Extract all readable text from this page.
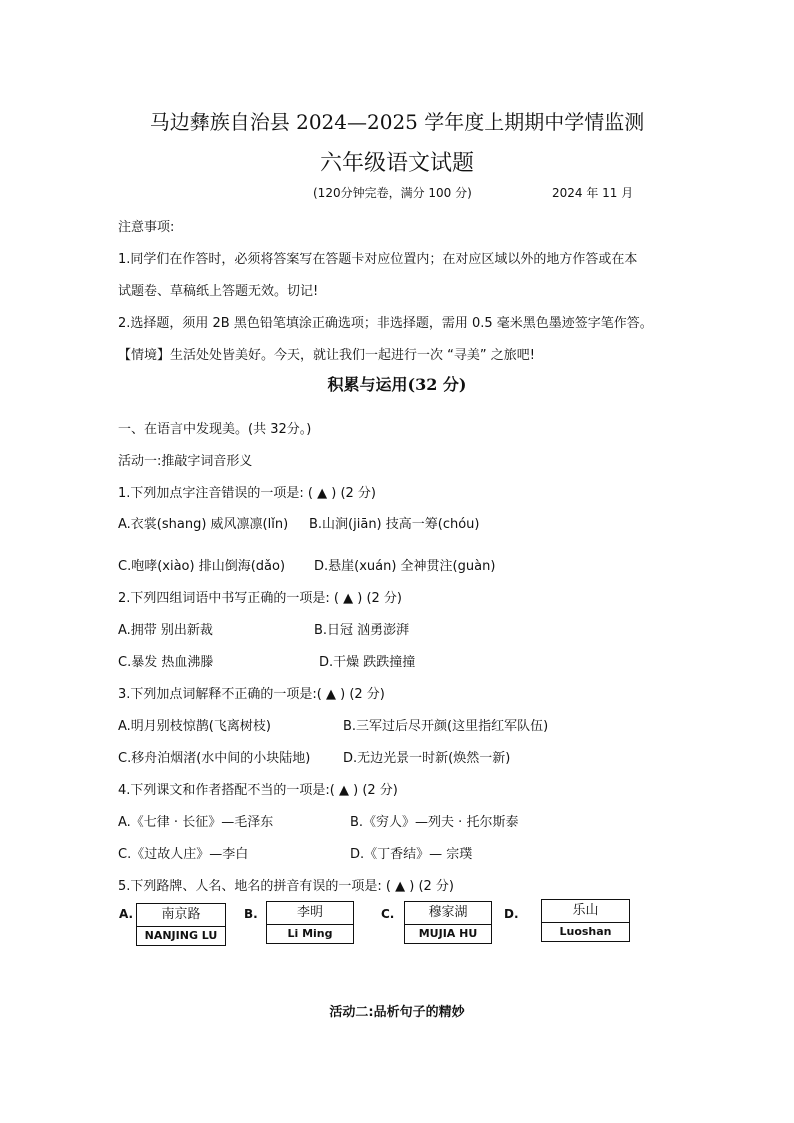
马边彝族自治县 2024—2025 学年度上期期中学情监测
六年级语文试题
(120分钟完卷，满分 100 分)	2024 年 11 月
注意事项:
1.同学们在作答时，必须将答案写在答题卡对应位置内；在对应区域以外的地方作答或在本
试题卷、草稿纸上答题无效。切记!
2.选择题，须用 2B 黑色铅笔填涂正确选项；非选择题，需用 0.5 毫米黑色墨迹签字笔作答。
【情境】生活处处皆美好。今天，就让我们一起进行一次 “寻美” 之旅吧!
积累与运用(32 分)
一、在语言中发现美。(共 32分。)
活动一:推敲字词音形义
1.下列加点字注音错误的一项是: ( ▲ ) (2 分)
A.衣裳(shang) 威风凛凛(lǐn) B.山涧(jiān) 技高一筹(chóu)
C.咆哮(xiào) 排山倒海(dǎo) D.悬崖(xuán) 全神贯注(guàn)
2.下列四组词语中书写正确的一项是: ( ▲ ) (2 分)
A.拥带 别出新裁	B.日冠 汹勇澎湃
C.暴发 热血沸滕	D.干燥 跌跌撞撞
3.下列加点词解释不正确的一项是:( ▲ ) (2 分)
A.明月别枝惊鹊(飞离树枝)	B.三军过后尽开颜(这里指红军队伍)
C.移舟泊烟渚(水中间的小块陆地)	D.无边光景一时新(焕然一新)
4.下列课文和作者搭配不当的一项是:( ▲ ) (2 分)
A.《七律 · 长征》—毛泽东	B.《穷人》—列夫 · 托尔斯泰
C.《过故人庄》—李白	D.《丁香结》— 宗璞
5.下列路牌、人名、地名的拼音有误的一项是: ( ▲ ) (2 分)
A.	南京路
NANJING LU
B.	李明
Li Ming
C.	穆家湖
MUJIA HU
D.	乐山
Luoshan
活动二:品析句子的精妙
